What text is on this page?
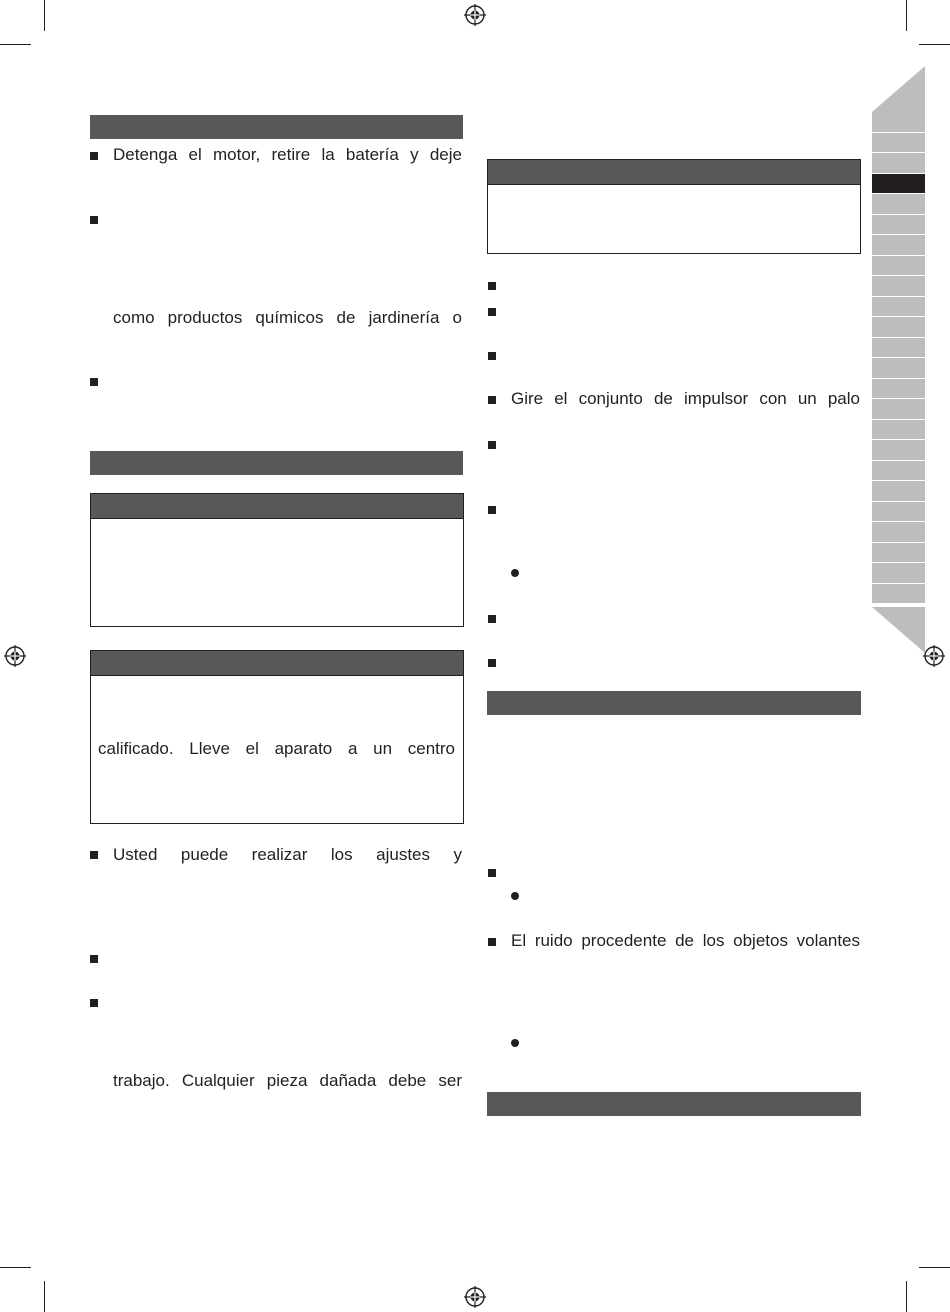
Detenga el motor, retire la batería y deje
como productos químicos de jardinería o
calificado. Lleve el aparato a un centro
Usted puede realizar los ajustes y
trabajo. Cualquier pieza dañada debe ser
Gire el conjunto de impulsor con un palo
El ruido procedente de los objetos volantes
